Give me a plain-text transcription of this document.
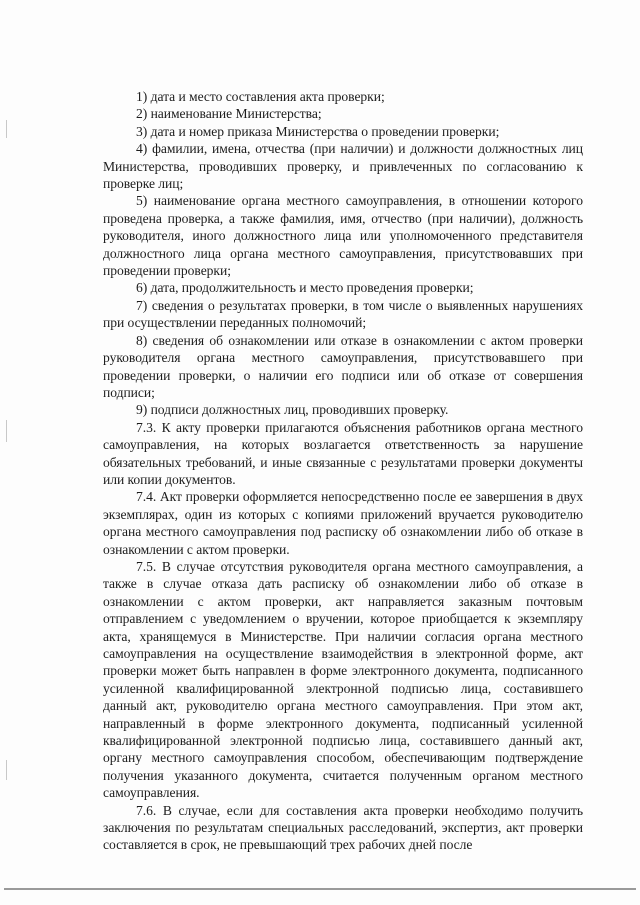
1) дата и место составления акта проверки;

2) наименование Министерства;

3) дата и номер приказа Министерства о проведении проверки;

4) фамилии, имена, отчества (при наличии) и должности должностных лиц Министерства, проводивших проверку, и привлеченных по согласованию к проверке лиц;

5) наименование органа местного самоуправления, в отношении которого проведена проверка, а также фамилия, имя, отчество (при наличии), должность руководителя, иного должностного лица или уполномоченного представителя должностного лица органа местного самоуправления, присутствовавших при проведении проверки;

6) дата, продолжительность и место проведения проверки;

7) сведения о результатах проверки, в том числе о выявленных нарушениях при осуществлении переданных полномочий;

8) сведения об ознакомлении или отказе в ознакомлении с актом проверки руководителя органа местного самоуправления, присутствовавшего при проведении проверки, о наличии его подписи или об отказе от совершения подписи;

9) подписи должностных лиц, проводивших проверку.

7.3. К акту проверки прилагаются объяснения работников органа местного самоуправления, на которых возлагается ответственность за нарушение обязательных требований, и иные связанные с результатами проверки документы или копии документов.

7.4. Акт проверки оформляется непосредственно после ее завершения в двух экземплярах, один из которых с копиями приложений вручается руководителю органа местного самоуправления под расписку об ознакомлении либо об отказе в ознакомлении с актом проверки.

7.5. В случае отсутствия руководителя органа местного самоуправления, а также в случае отказа дать расписку об ознакомлении либо об отказе в ознакомлении с актом проверки, акт направляется заказным почтовым отправлением с уведомлением о вручении, которое приобщается к экземпляру акта, хранящемуся в Министерстве. При наличии согласия органа местного самоуправления на осуществление взаимодействия в электронной форме, акт проверки может быть направлен в форме электронного документа, подписанного усиленной квалифицированной электронной подписью лица, составившего данный акт, руководителю органа местного самоуправления. При этом акт, направленный в форме электронного документа, подписанный усиленной квалифицированной электронной подписью лица, составившего данный акт, органу местного самоуправления способом, обеспечивающим подтверждение получения указанного документа, считается полученным органом местного самоуправления.

7.6. В случае, если для составления акта проверки необходимо получить заключения по результатам специальных расследований, экспертиз, акт проверки составляется в срок, не превышающий трех рабочих дней после
